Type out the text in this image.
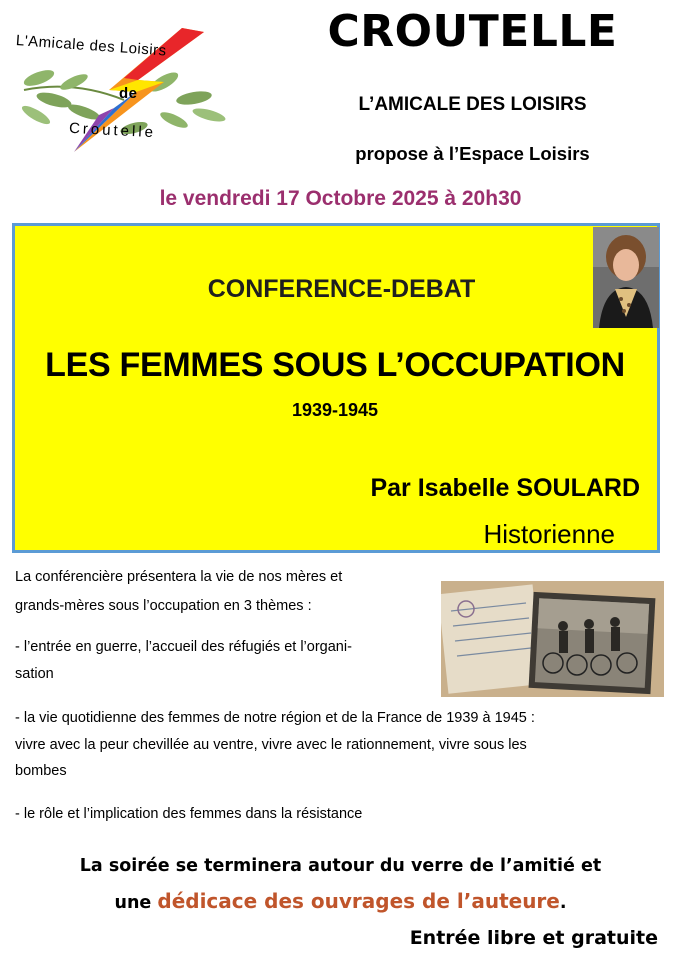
L'Amicale des Loisirs
de
Croutelle
CROUTELLE
L’AMICALE DES LOISIRS
propose à l’Espace Loisirs
le vendredi 17 Octobre 2025 à 20h30
CONFERENCE-DEBAT
LES FEMMES SOUS L’OCCUPATION
1939-1945
Par Isabelle SOULARD
Historienne
La conférencière présentera la vie de nos mères et
grands-mères sous l’occupation en 3 thèmes :
- l’entrée en guerre, l’accueil des réfugiés et l’organi-
sation
- la vie quotidienne des femmes de notre région et de la France de 1939 à 1945 :
vivre avec la peur chevillée au ventre, vivre avec le rationnement, vivre sous les
bombes
- le rôle et l’implication des femmes dans la résistance
La soirée se terminera autour du verre de l’amitié et
une dédicace des ouvrages de l’auteure.
Entrée libre et gratuite
